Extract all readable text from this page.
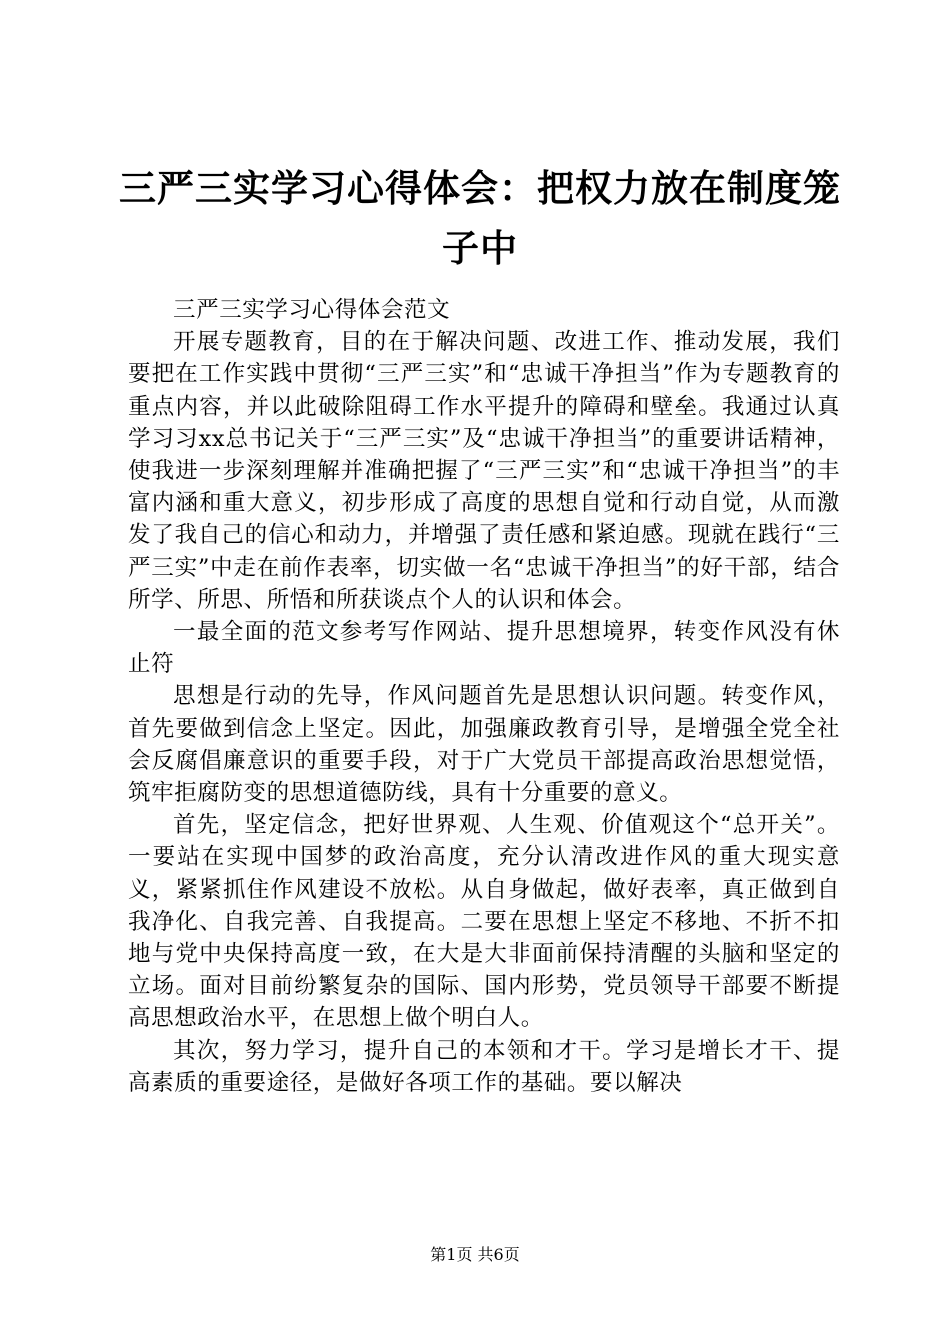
三严三实学习心得体会：把权力放在制度笼子中

三严三实学习心得体会范文

开展专题教育，目的在于解决问题、改进工作、推动发展，我们要把在工作实践中贯彻“三严三实”和“忠诚干净担当”作为专题教育的重点内容，并以此破除阻碍工作水平提升的障碍和壁垒。我通过认真学习习xx总书记关于“三严三实”及“忠诚干净担当”的重要讲话精神，使我进一步深刻理解并准确把握了“三严三实”和“忠诚干净担当”的丰富内涵和重大意义，初步形成了高度的思想自觉和行动自觉，从而激发了我自己的信心和动力，并增强了责任感和紧迫感。现就在践行“三严三实”中走在前作表率，切实做一名“忠诚干净担当”的好干部，结合所学、所思、所悟和所获谈点个人的认识和体会。

一最全面的范文参考写作网站、提升思想境界，转变作风没有休止符

思想是行动的先导，作风问题首先是思想认识问题。转变作风，首先要做到信念上坚定。因此，加强廉政教育引导，是增强全党全社会反腐倡廉意识的重要手段，对于广大党员干部提高政治思想觉悟，筑牢拒腐防变的思想道德防线，具有十分重要的意义。

首先，坚定信念，把好世界观、人生观、价值观这个“总开关”。一要站在实现中国梦的政治高度，充分认清改进作风的重大现实意义，紧紧抓住作风建设不放松。从自身做起，做好表率，真正做到自我净化、自我完善、自我提高。二要在思想上坚定不移地、不折不扣地与党中央保持高度一致，在大是大非面前保持清醒的头脑和坚定的立场。面对目前纷繁复杂的国际、国内形势，党员领导干部要不断提高思想政治水平，在思想上做个明白人。

其次，努力学习，提升自己的本领和才干。学习是增长才干、提高素质的重要途径，是做好各项工作的基础。要以解决

第1页 共6页
